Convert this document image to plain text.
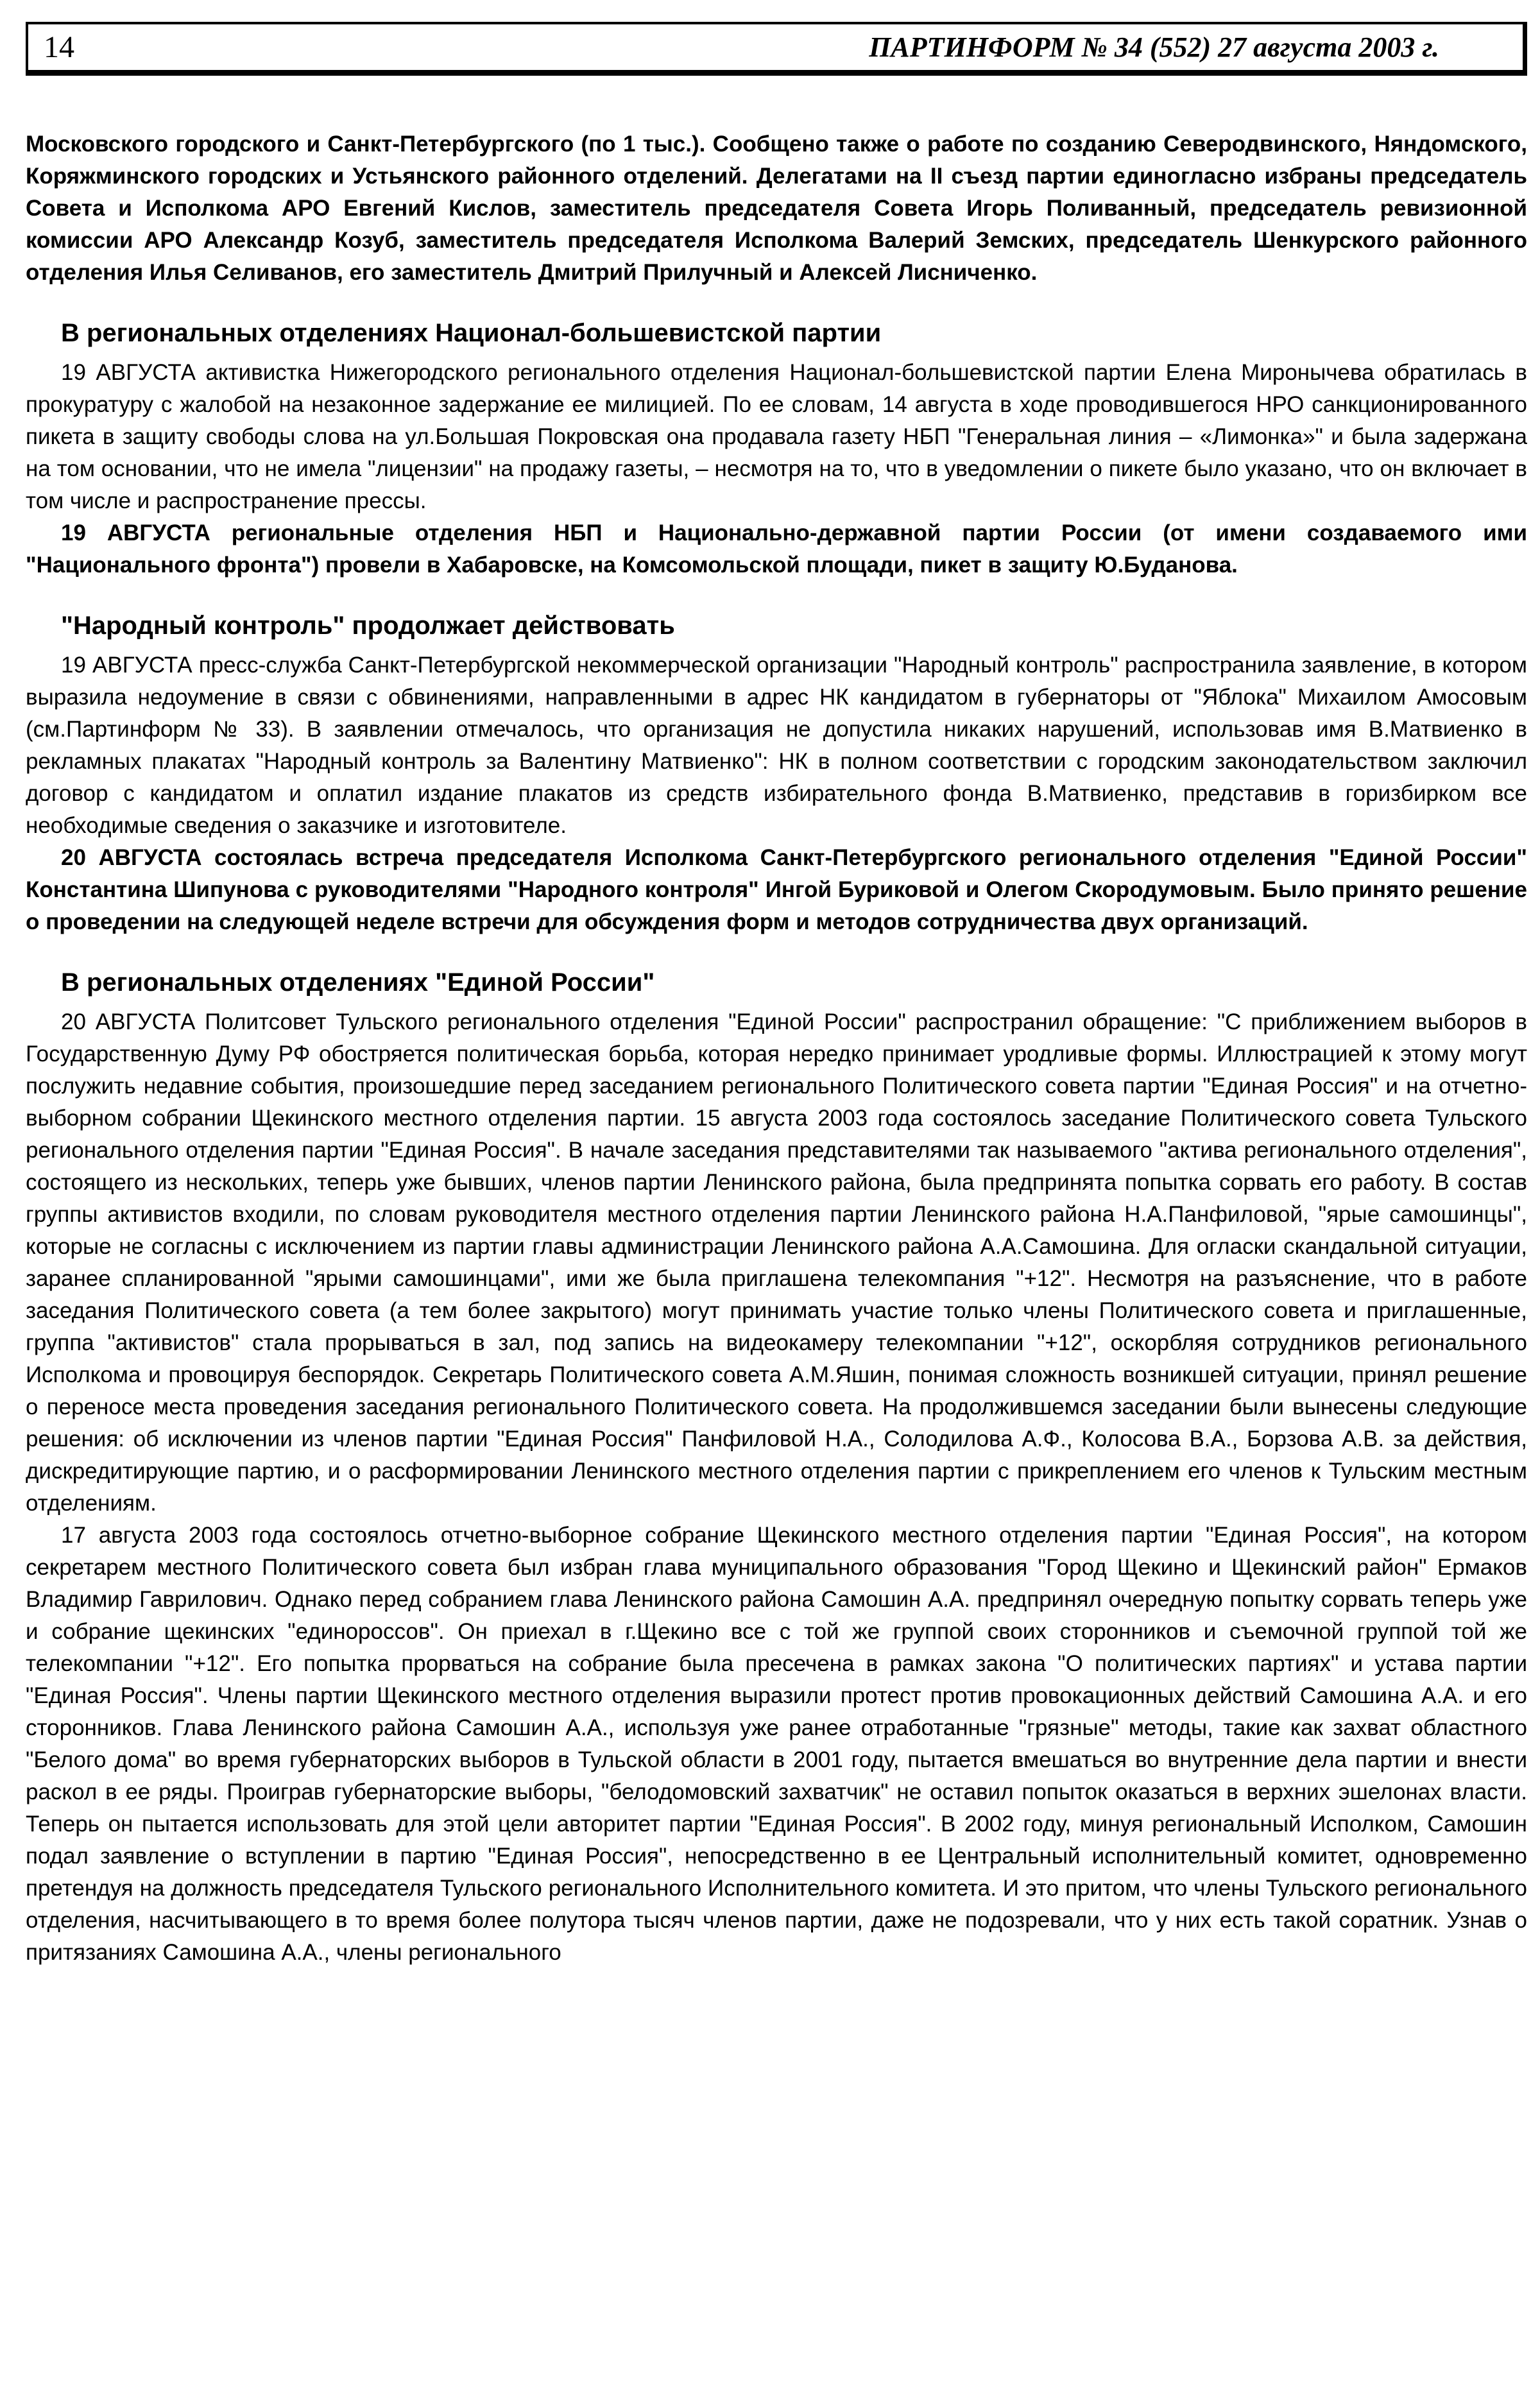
14	ПАРТИНФОРМ № 34 (552) 27 августа 2003 г.

Московского городского и Санкт-Петербургского (по 1 тыс.). Сообщено также о работе по созданию Северодвинского, Няндомского, Коряжминского городских и Устьянского районного отделений. Делегатами на II съезд партии единогласно избраны председатель Совета и Исполкома АРО Евгений Кислов, заместитель председателя Совета Игорь Поливанный, председатель ревизионной комиссии АРО Александр Козуб, заместитель председателя Исполкома Валерий Земских, председатель Шенкурского районного отделения Илья Селиванов, его заместитель Дмитрий Прилучный и Алексей Лисниченко.

В региональных отделениях Национал-большевистской партии

19 АВГУСТА активистка Нижегородского регионального отделения Национал-большевистской партии Елена Миронычева обратилась в прокуратуру с жалобой на незаконное задержание ее милицией. По ее словам, 14 августа в ходе проводившегося НРО санкционированного пикета в защиту свободы слова на ул.Большая Покровская она продавала газету НБП "Генеральная линия – «Лимонка»" и была задержана на том основании, что не имела "лицензии" на продажу газеты, – несмотря на то, что в уведомлении о пикете было указано, что он включает в том числе и распространение прессы.

19 АВГУСТА региональные отделения НБП и Национально-державной партии России (от имени создаваемого ими "Национального фронта") провели в Хабаровске, на Комсомольской площади, пикет в защиту Ю.Буданова.

"Народный контроль" продолжает действовать

19 АВГУСТА пресс-служба Санкт-Петербургской некоммерческой организации "Народный контроль" распространила заявление, в котором выразила недоумение в связи с обвинениями, направленными в адрес НК кандидатом в губернаторы от "Яблока" Михаилом Амосовым (см.Партинформ № 33). В заявлении отмечалось, что организация не допустила никаких нарушений, использовав имя В.Матвиенко в рекламных плакатах "Народный контроль за Валентину Матвиенко": НК в полном соответствии с городским законодательством заключил договор с кандидатом и оплатил издание плакатов из средств избирательного фонда В.Матвиенко, представив в горизбирком все необходимые сведения о заказчике и изготовителе.

20 АВГУСТА состоялась встреча председателя Исполкома Санкт-Петербургского регионального отделения "Единой России" Константина Шипунова с руководителями "Народного контроля" Ингой Буриковой и Олегом Скородумовым. Было принято решение о проведении на следующей неделе встречи для обсуждения форм и методов сотрудничества двух организаций.

В региональных отделениях "Единой России"

20 АВГУСТА Политсовет Тульского регионального отделения "Единой России" распространил обращение: "С приближением выборов в Государственную Думу РФ обостряется политическая борьба, которая нередко принимает уродливые формы. Иллюстрацией к этому могут послужить недавние события, произошедшие перед заседанием регионального Политического совета партии "Единая Россия" и на отчетно-выборном собрании Щекинского местного отделения партии. 15 августа 2003 года состоялось заседание Политического совета Тульского регионального отделения партии "Единая Россия". В начале заседания представителями так называемого "актива регионального отделения", состоящего из нескольких, теперь уже бывших, членов партии Ленинского района, была предпринята попытка сорвать его работу. В состав группы активистов входили, по словам руководителя местного отделения партии Ленинского района Н.А.Панфиловой, "ярые самошинцы", которые не согласны с исключением из партии главы администрации Ленинского района А.А.Самошина. Для огласки скандальной ситуации, заранее спланированной "ярыми самошинцами", ими же была приглашена телекомпания "+12". Несмотря на разъяснение, что в работе заседания Политического совета (а тем более закрытого) могут принимать участие только члены Политического совета и приглашенные, группа "активистов" стала прорываться в зал, под запись на видеокамеру телекомпании "+12", оскорбляя сотрудников регионального Исполкома и провоцируя беспорядок. Секретарь Политического совета А.М.Яшин, понимая сложность возникшей ситуации, принял решение о переносе места проведения заседания регионального Политического совета. На продолжившемся заседании были вынесены следующие решения: об исключении из членов партии "Единая Россия" Панфиловой Н.А., Солодилова А.Ф., Колосова В.А., Борзова А.В. за действия, дискредитирующие партию, и о расформировании Ленинского местного отделения партии с прикреплением его членов к Тульским местным отделениям.

17 августа 2003 года состоялось отчетно-выборное собрание Щекинского местного отделения партии "Единая Россия", на котором секретарем местного Политического совета был избран глава муниципального образования "Город Щекино и Щекинский район" Ермаков Владимир Гаврилович. Однако перед собранием глава Ленинского района Самошин А.А. предпринял очередную попытку сорвать теперь уже и собрание щекинских "единороссов". Он приехал в г.Щекино все с той же группой своих сторонников и съемочной группой той же телекомпании "+12". Его попытка прорваться на собрание была пресечена в рамках закона "О политических партиях" и устава партии "Единая Россия". Члены партии Щекинского местного отделения выразили протест против провокационных действий Самошина А.А. и его сторонников. Глава Ленинского района Самошин А.А., используя уже ранее отработанные "грязные" методы, такие как захват областного "Белого дома" во время губернаторских выборов в Тульской области в 2001 году, пытается вмешаться во внутренние дела партии и внести раскол в ее ряды. Проиграв губернаторские выборы, "белодомовский захватчик" не оставил попыток оказаться в верхних эшелонах власти. Теперь он пытается использовать для этой цели авторитет партии "Единая Россия". В 2002 году, минуя региональный Исполком, Самошин подал заявление о вступлении в партию "Единая Россия", непосредственно в ее Центральный исполнительный комитет, одновременно претендуя на должность председателя Тульского регионального Исполнительного комитета. И это притом, что члены Тульского регионального отделения, насчитывающего в то время более полутора тысяч членов партии, даже не подозревали, что у них есть такой соратник. Узнав о притязаниях Самошина А.А., члены регионального
